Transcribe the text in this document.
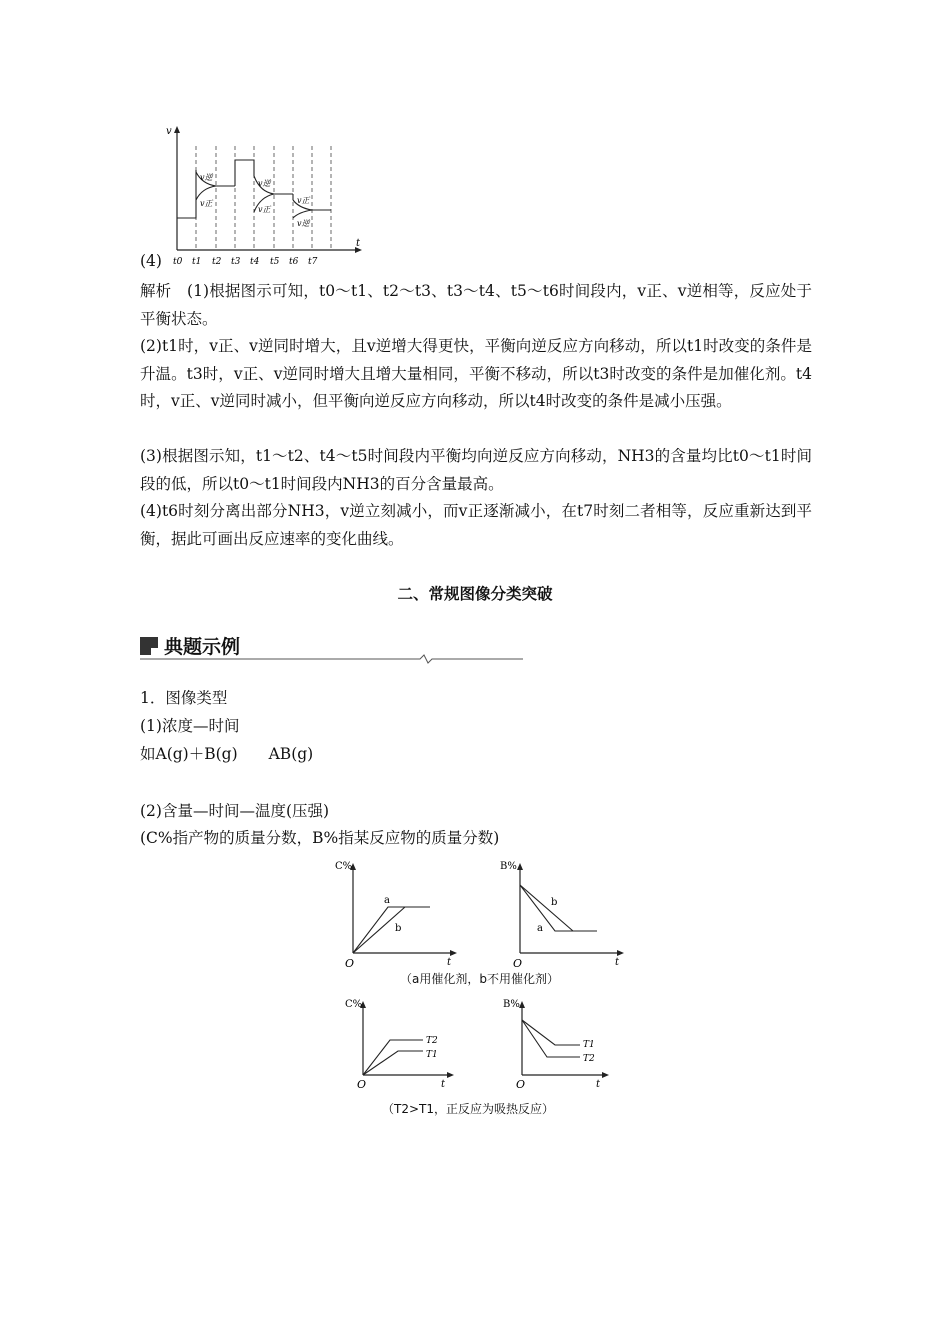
v
t
v逆
v正
v逆
v正
v正
v逆
t0 t1 t2 t3 t4 t5 t6 t7
(4)
解析　(1)根据图示可知，t0～t1、t2～t3、t3～t4、t5～t6时间段内，v正、v逆相等，反应处于平衡状态。
(2)t1时，v正、v逆同时增大，且v逆增大得更快，平衡向逆反应方向移动，所以t1时改变的条件是升温。t3时，v正、v逆同时增大且增大量相同，平衡不移动，所以t3时改变的条件是加催化剂。t4时，v正、v逆同时减小，但平衡向逆反应方向移动，所以t4时改变的条件是减小压强。
(3)根据图示知，t1～t2、t4～t5时间段内平衡均向逆反应方向移动，NH3的含量均比t0～t1时间段的低，所以t0～t1时间段内NH3的百分含量最高。
(4)t6时刻分离出部分NH3，v逆立刻减小，而v正逐渐减小，在t7时刻二者相等，反应重新达到平衡，据此可画出反应速率的变化曲线。
二、常规图像分类突破
典题示例
1．图像类型
(1)浓度—时间
如A(g)＋B(g)　　AB(g)
(2)含量—时间—温度(压强)
(C%指产物的质量分数，B%指某反应物的质量分数)
C%
O	t
a
b
B%
O	t
a
b
（a用催化剂，b不用催化剂）
C%
O	t
T2
T1
B%
O	t
T1
T2
（T2>T1，正反应为吸热反应）
